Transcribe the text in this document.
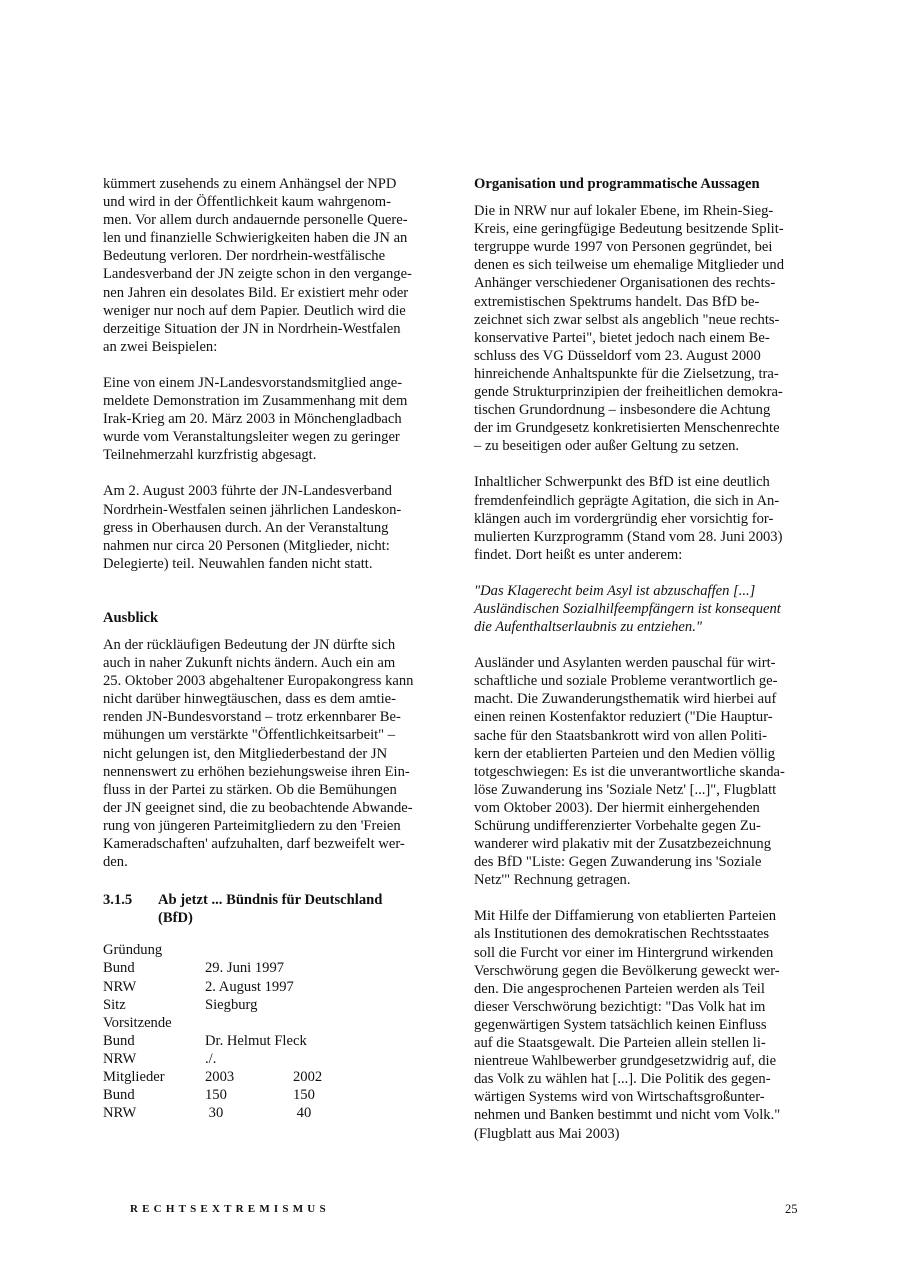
kümmert zusehends zu einem Anhängsel der NPD
und wird in der Öffentlichkeit kaum wahrgenom-
men. Vor allem durch andauernde personelle Quere-
len und finanzielle Schwierigkeiten haben die JN an
Bedeutung verloren. Der nordrhein-westfälische
Landesverband der JN zeigte schon in den vergange-
nen Jahren ein desolates Bild. Er existiert mehr oder
weniger nur noch auf dem Papier. Deutlich wird die
derzeitige Situation der JN in Nordrhein-Westfalen
an zwei Beispielen:
Eine von einem JN-Landesvorstandsmitglied ange-
meldete Demonstration im Zusammenhang mit dem
Irak-Krieg am 20. März 2003 in Mönchengladbach
wurde vom Veranstaltungsleiter wegen zu geringer
Teilnehmerzahl kurzfristig abgesagt.
Am 2. August 2003 führte der JN-Landesverband
Nordrhein-Westfalen seinen jährlichen Landeskon-
gress in Oberhausen durch. An der Veranstaltung
nahmen nur circa 20 Personen (Mitglieder, nicht:
Delegierte) teil. Neuwahlen fanden nicht statt.
Ausblick
An der rückläufigen Bedeutung der JN dürfte sich
auch in naher Zukunft nichts ändern. Auch ein am
25. Oktober 2003 abgehaltener Europakongress kann
nicht darüber hinwegtäuschen, dass es dem amtie-
renden JN-Bundesvorstand – trotz erkennbarer Be-
mühungen um verstärkte "Öffentlichkeitsarbeit" –
nicht gelungen ist, den Mitgliederbestand der JN
nennenswert zu erhöhen beziehungsweise ihren Ein-
fluss in der Partei zu stärken. Ob die Bemühungen
der JN geeignet sind, die zu beobachtende Abwande-
rung von jüngeren Parteimitgliedern zu den 'Freien
Kameradschaften' aufzuhalten, darf bezweifelt wer-
den.
3.1.5	Ab jetzt ... Bündnis für Deutschland
(BfD)
Gründung
Bund	29. Juni 1997
NRW	2. August 1997
Sitz	Siegburg
Vorsitzende
Bund	Dr. Helmut Fleck
NRW	./.
Mitglieder	2003	2002
Bund	150	150
NRW	30	40
Organisation und programmatische Aussagen
Die in NRW nur auf lokaler Ebene, im Rhein-Sieg-
Kreis, eine geringfügige Bedeutung besitzende Split-
tergruppe wurde 1997 von Personen gegründet, bei
denen es sich teilweise um ehemalige Mitglieder und
Anhänger verschiedener Organisationen des rechts-
extremistischen Spektrums handelt. Das BfD be-
zeichnet sich zwar selbst als angeblich "neue rechts-
konservative Partei", bietet jedoch nach einem Be-
schluss des VG Düsseldorf vom 23. August 2000
hinreichende Anhaltspunkte für die Zielsetzung, tra-
gende Strukturprinzipien der freiheitlichen demokra-
tischen Grundordnung – insbesondere die Achtung
der im Grundgesetz konkretisierten Menschenrechte
– zu beseitigen oder außer Geltung zu setzen.
Inhaltlicher Schwerpunkt des BfD ist eine deutlich
fremdenfeindlich geprägte Agitation, die sich in An-
klängen auch im vordergründig eher vorsichtig for-
mulierten Kurzprogramm (Stand vom 28. Juni 2003)
findet. Dort heißt es unter anderem:
"Das Klagerecht beim Asyl ist abzuschaffen [...]
Ausländischen Sozialhilfeempfängern ist konsequent
die Aufenthaltserlaubnis zu entziehen."
Ausländer und Asylanten werden pauschal für wirt-
schaftliche und soziale Probleme verantwortlich ge-
macht. Die Zuwanderungsthematik wird hierbei auf
einen reinen Kostenfaktor reduziert ("Die Hauptur-
sache für den Staatsbankrott wird von allen Politi-
kern der etablierten Parteien und den Medien völlig
totgeschwiegen: Es ist die unverantwortliche skanda-
löse Zuwanderung ins 'Soziale Netz' [...]", Flugblatt
vom Oktober 2003). Der hiermit einhergehenden
Schürung undifferenzierter Vorbehalte gegen Zu-
wanderer wird plakativ mit der Zusatzbezeichnung
des BfD "Liste: Gegen Zuwanderung ins 'Soziale
Netz'" Rechnung getragen.
Mit Hilfe der Diffamierung von etablierten Parteien
als Institutionen des demokratischen Rechtsstaates
soll die Furcht vor einer im Hintergrund wirkenden
Verschwörung gegen die Bevölkerung geweckt wer-
den. Die angesprochenen Parteien werden als Teil
dieser Verschwörung bezichtigt: "Das Volk hat im
gegenwärtigen System tatsächlich keinen Einfluss
auf die Staatsgewalt. Die Parteien allein stellen li-
nientreue Wahlbewerber grundgesetzwidrig auf, die
das Volk zu wählen hat [...]. Die Politik des gegen-
wärtigen Systems wird von Wirtschaftsgroßunter-
nehmen und Banken bestimmt und nicht vom Volk."
(Flugblatt aus Mai 2003)
RECHTSEXTREMISMUS	25
